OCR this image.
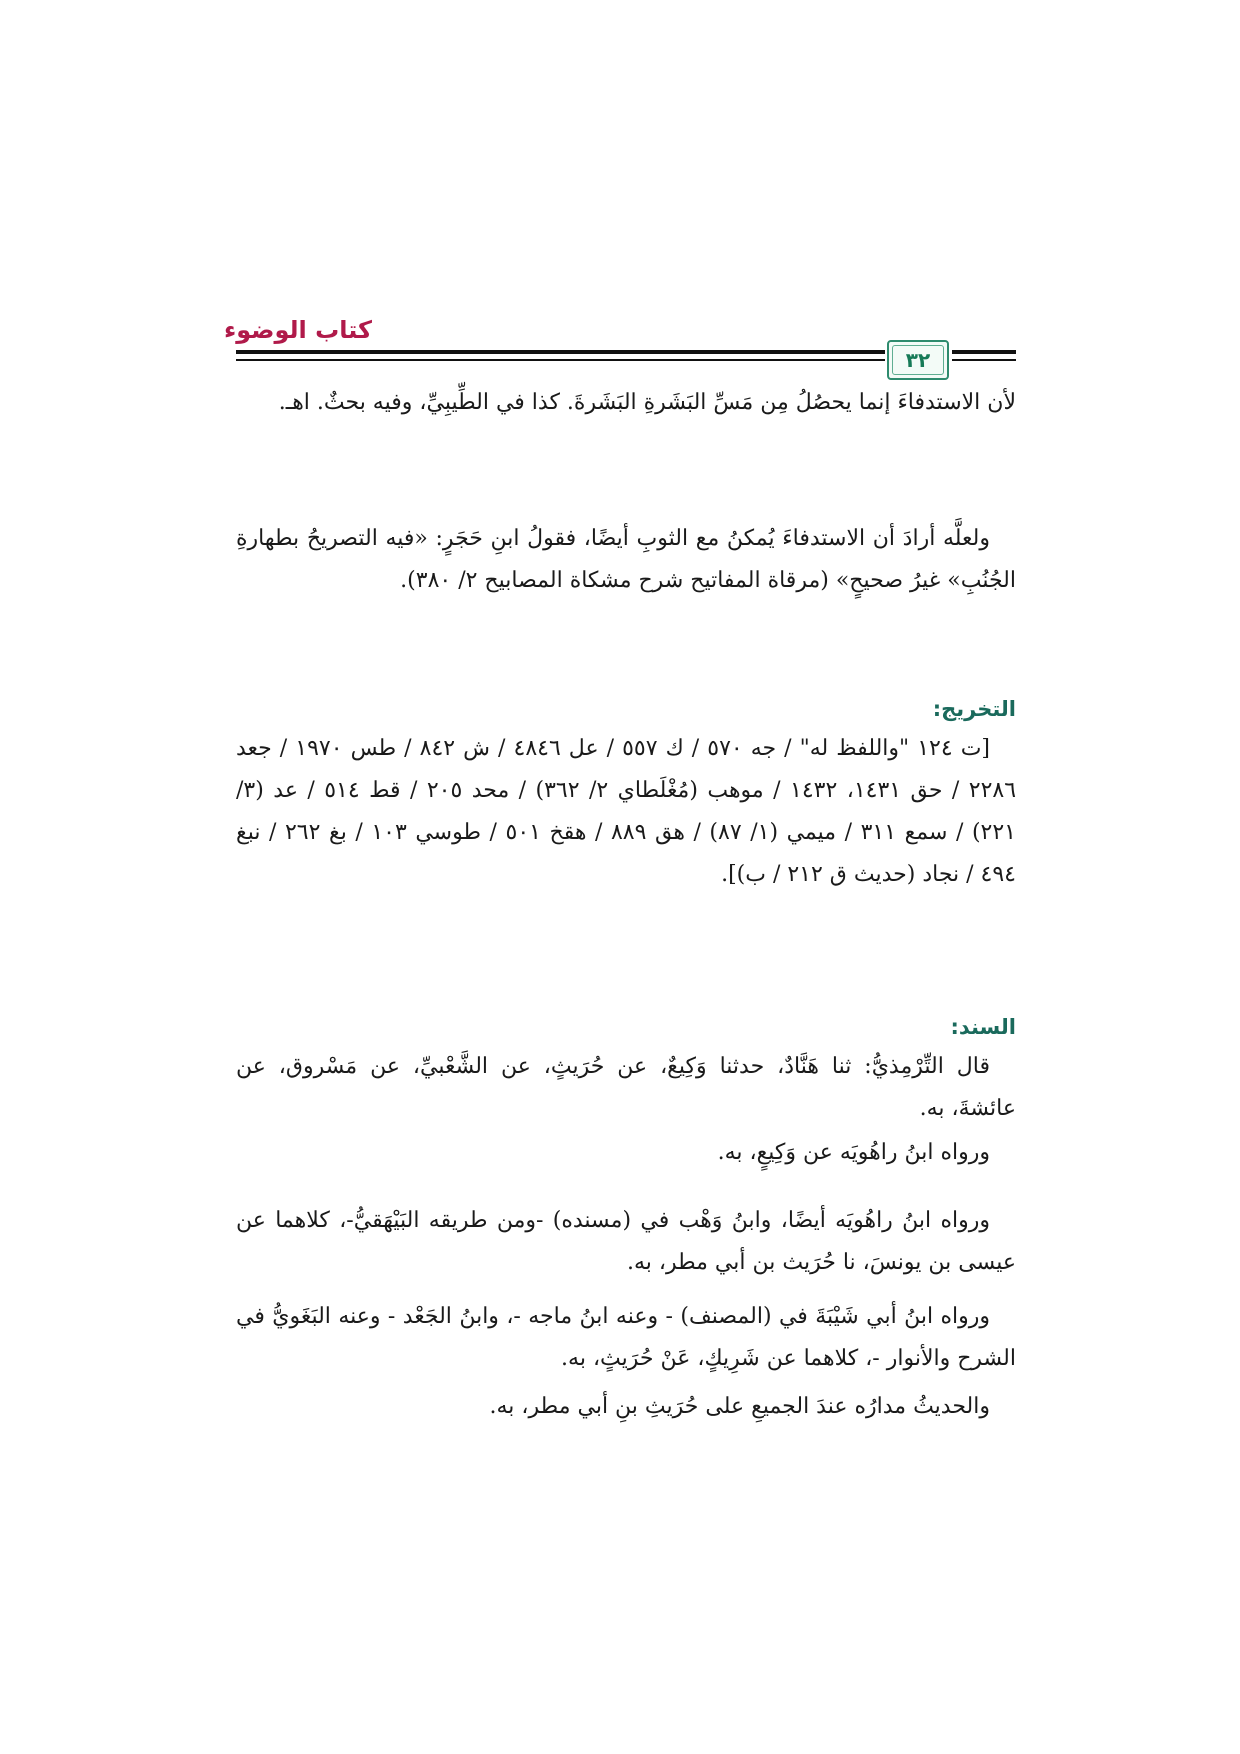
كتاب الوضوء
٣٢

لأن الاستدفاءَ إنما يحصُلُ مِن مَسِّ البَشَرةِ البَشَرةَ. كذا في الطِّيبِيِّ، وفيه بحثٌ. اهـ.

ولعلَّه أرادَ أن الاستدفاءَ يُمكنُ مع الثوبِ أيضًا، فقولُ ابنِ حَجَرٍ: «فيه التصريحُ بطهارةِ الجُنُبِ» غيرُ صحيحٍ» (مرقاة المفاتيح شرح مشكاة المصابيح ٢/ ٣٨٠).

التخريج:

[ت ١٢٤ "واللفظ له" / جه ٥٧٠ / ك ٥٥٧ / عل ٤٨٤٦ / ش ٨٤٢ / طس ١٩٧٠ / جعد ٢٢٨٦ / حق ١٤٣١، ١٤٣٢ / موهب (مُغْلَطاي ٢/ ٣٦٢) / محد ٢٠٥ / قط ٥١٤ / عد (٣/ ٢٢١) / سمع ٣١١ / ميمي (١/ ٨٧) / هق ٨٨٩ / هقخ ٥٠١ / طوسي ١٠٣ / بغ ٢٦٢ / نبغ ٤٩٤ / نجاد (حديث ق ٢١٢ / ب)].

السند:

قال التِّرْمِذيُّ: ثنا هَنَّادٌ، حدثنا وَكِيعٌ، عن حُرَيثٍ، عن الشَّعْبيِّ، عن مَسْروق، عن عائشةَ، به.

ورواه ابنُ راهُويَه عن وَكِيعٍ، به.

ورواه ابنُ راهُويَه أيضًا، وابنُ وَهْب في (مسنده) -ومن طريقه البَيْهَقيُّ-، كلاهما عن عيسى بن يونسَ، نا حُرَيث بن أبي مطر، به.

ورواه ابنُ أبي شَيْبَةَ في (المصنف) - وعنه ابنُ ماجه -، وابنُ الجَعْد - وعنه البَغَويُّ في الشرح والأنوار -، كلاهما عن شَرِيكٍ، عَنْ حُرَيثٍ، به.

والحديثُ مدارُه عندَ الجميعِ على حُرَيثِ بنِ أبي مطر، به.
